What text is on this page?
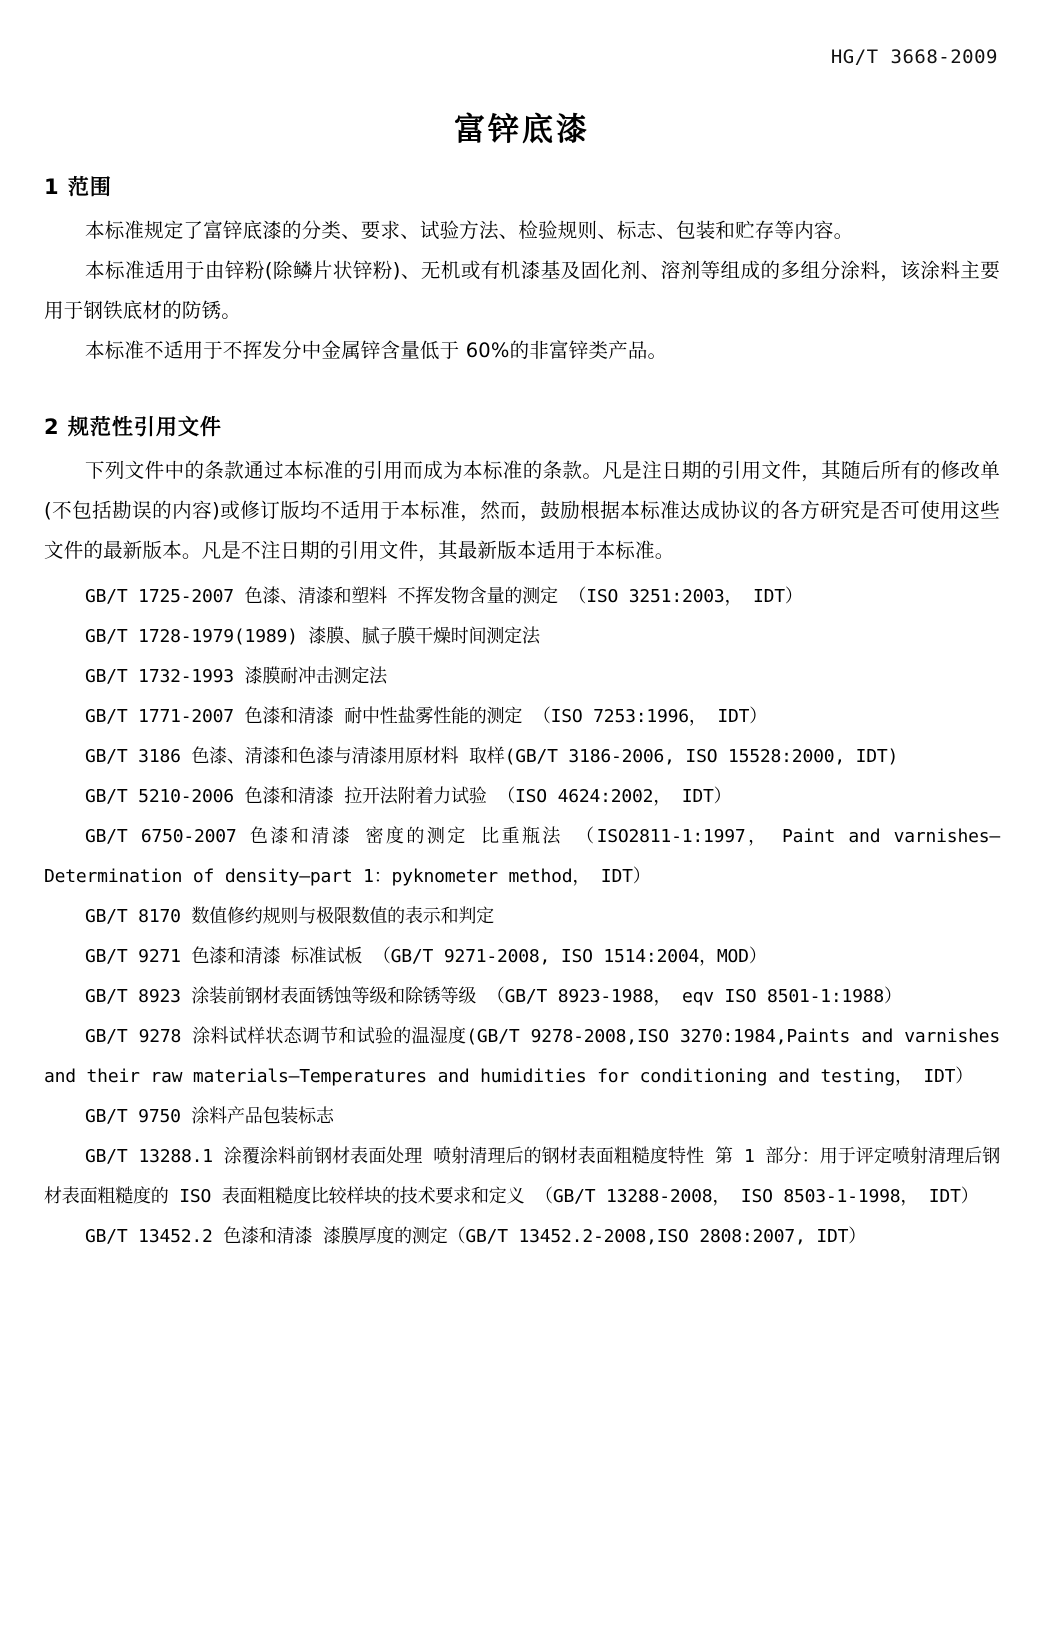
HG/T 3668-2009
富锌底漆
1 范围

本标准规定了富锌底漆的分类、要求、试验方法、检验规则、标志、包装和贮存等内容。

本标准适用于由锌粉(除鳞片状锌粉)、无机或有机漆基及固化剂、溶剂等组成的多组分涂料，该涂料主要用于钢铁底材的防锈。

本标准不适用于不挥发分中金属锌含量低于 60%的非富锌类产品。

2 规范性引用文件

下列文件中的条款通过本标准的引用而成为本标准的条款。凡是注日期的引用文件，其随后所有的修改单(不包括勘误的内容)或修订版均不适用于本标准，然而，鼓励根据本标准达成协议的各方研究是否可使用这些文件的最新版本。凡是不注日期的引用文件，其最新版本适用于本标准。

GB/T 1725-2007 色漆、清漆和塑料 不挥发物含量的测定 （ISO 3251:2003， IDT）

GB/T 1728-1979(1989) 漆膜、腻子膜干燥时间测定法

GB/T 1732-1993 漆膜耐冲击测定法

GB/T 1771-2007 色漆和清漆 耐中性盐雾性能的测定 （ISO 7253:1996， IDT）

GB/T 3186 色漆、清漆和色漆与清漆用原材料 取样(GB/T 3186-2006, ISO 15528:2000, IDT)

GB/T 5210-2006 色漆和清漆 拉开法附着力试验 （ISO 4624:2002， IDT）

GB/T 6750-2007 色漆和清漆 密度的测定 比重瓶法 （ISO2811-1:1997， Paint and varnishes—Determination of density—part 1：pyknometer method， IDT）

GB/T 8170 数值修约规则与极限数值的表示和判定

GB/T 9271 色漆和清漆 标准试板 （GB/T 9271-2008, ISO 1514:2004，MOD）

GB/T 8923 涂装前钢材表面锈蚀等级和除锈等级 （GB/T 8923-1988， eqv ISO 8501-1:1988）

GB/T 9278 涂料试样状态调节和试验的温湿度(GB/T 9278-2008,ISO 3270:1984,Paints and varnishes and their raw materials—Temperatures and humidities for conditioning and testing， IDT）

GB/T 9750 涂料产品包装标志

GB/T 13288.1 涂覆涂料前钢材表面处理 喷射清理后的钢材表面粗糙度特性 第 1 部分：用于评定喷射清理后钢材表面粗糙度的 ISO 表面粗糙度比较样块的技术要求和定义 （GB/T 13288-2008， ISO 8503-1-1998， IDT）

GB/T 13452.2 色漆和清漆 漆膜厚度的测定（GB/T 13452.2-2008,ISO 2808:2007, IDT）
